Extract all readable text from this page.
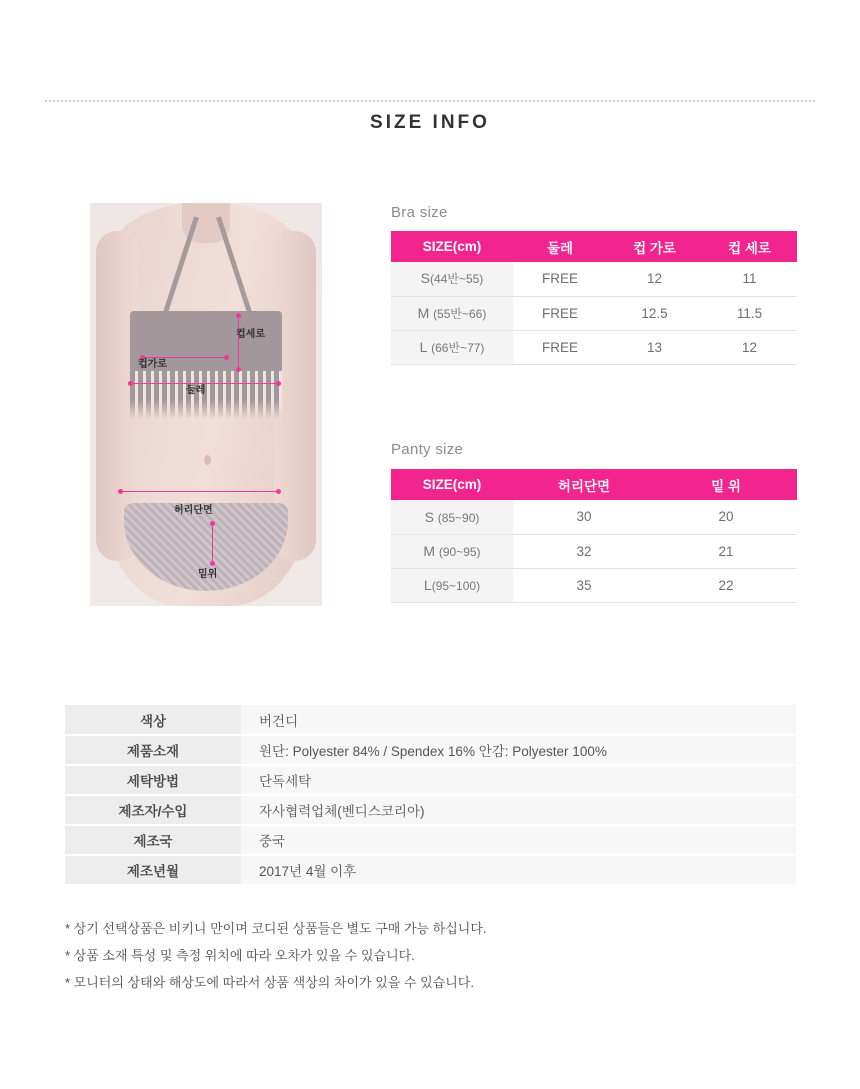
SIZE INFO
컵세로
컵가로
둘레
허리단면
밑위
Bra size
SIZE(cm)	둘레	컵 가로	컵 세로
S(44반~55)	FREE	12	11
M (55반~66)	FREE	12.5	11.5
L (66반~77)	FREE	13	12
Panty size
SIZE(cm)	허리단면	밑 위
S (85~90)	30	20
M (90~95)	32	21
L(95~100)	35	22
색상	버건디
제품소재	원단: Polyester 84% / Spendex 16% 안감: Polyester 100%
세탁방법	단독세탁
제조자/수입	자사협력업체(벤디스코리아)
제조국	중국
제조년월	2017년 4월 이후
* 상기 선택상품은 비키니 만이며 코디된 상품들은 별도 구매 가능 하십니다.
* 상품 소재 특성 및 측정 위치에 따라 오차가 있을 수 있습니다.
* 모니터의 상태와 해상도에 따라서 상품 색상의 차이가 있을 수 있습니다.
